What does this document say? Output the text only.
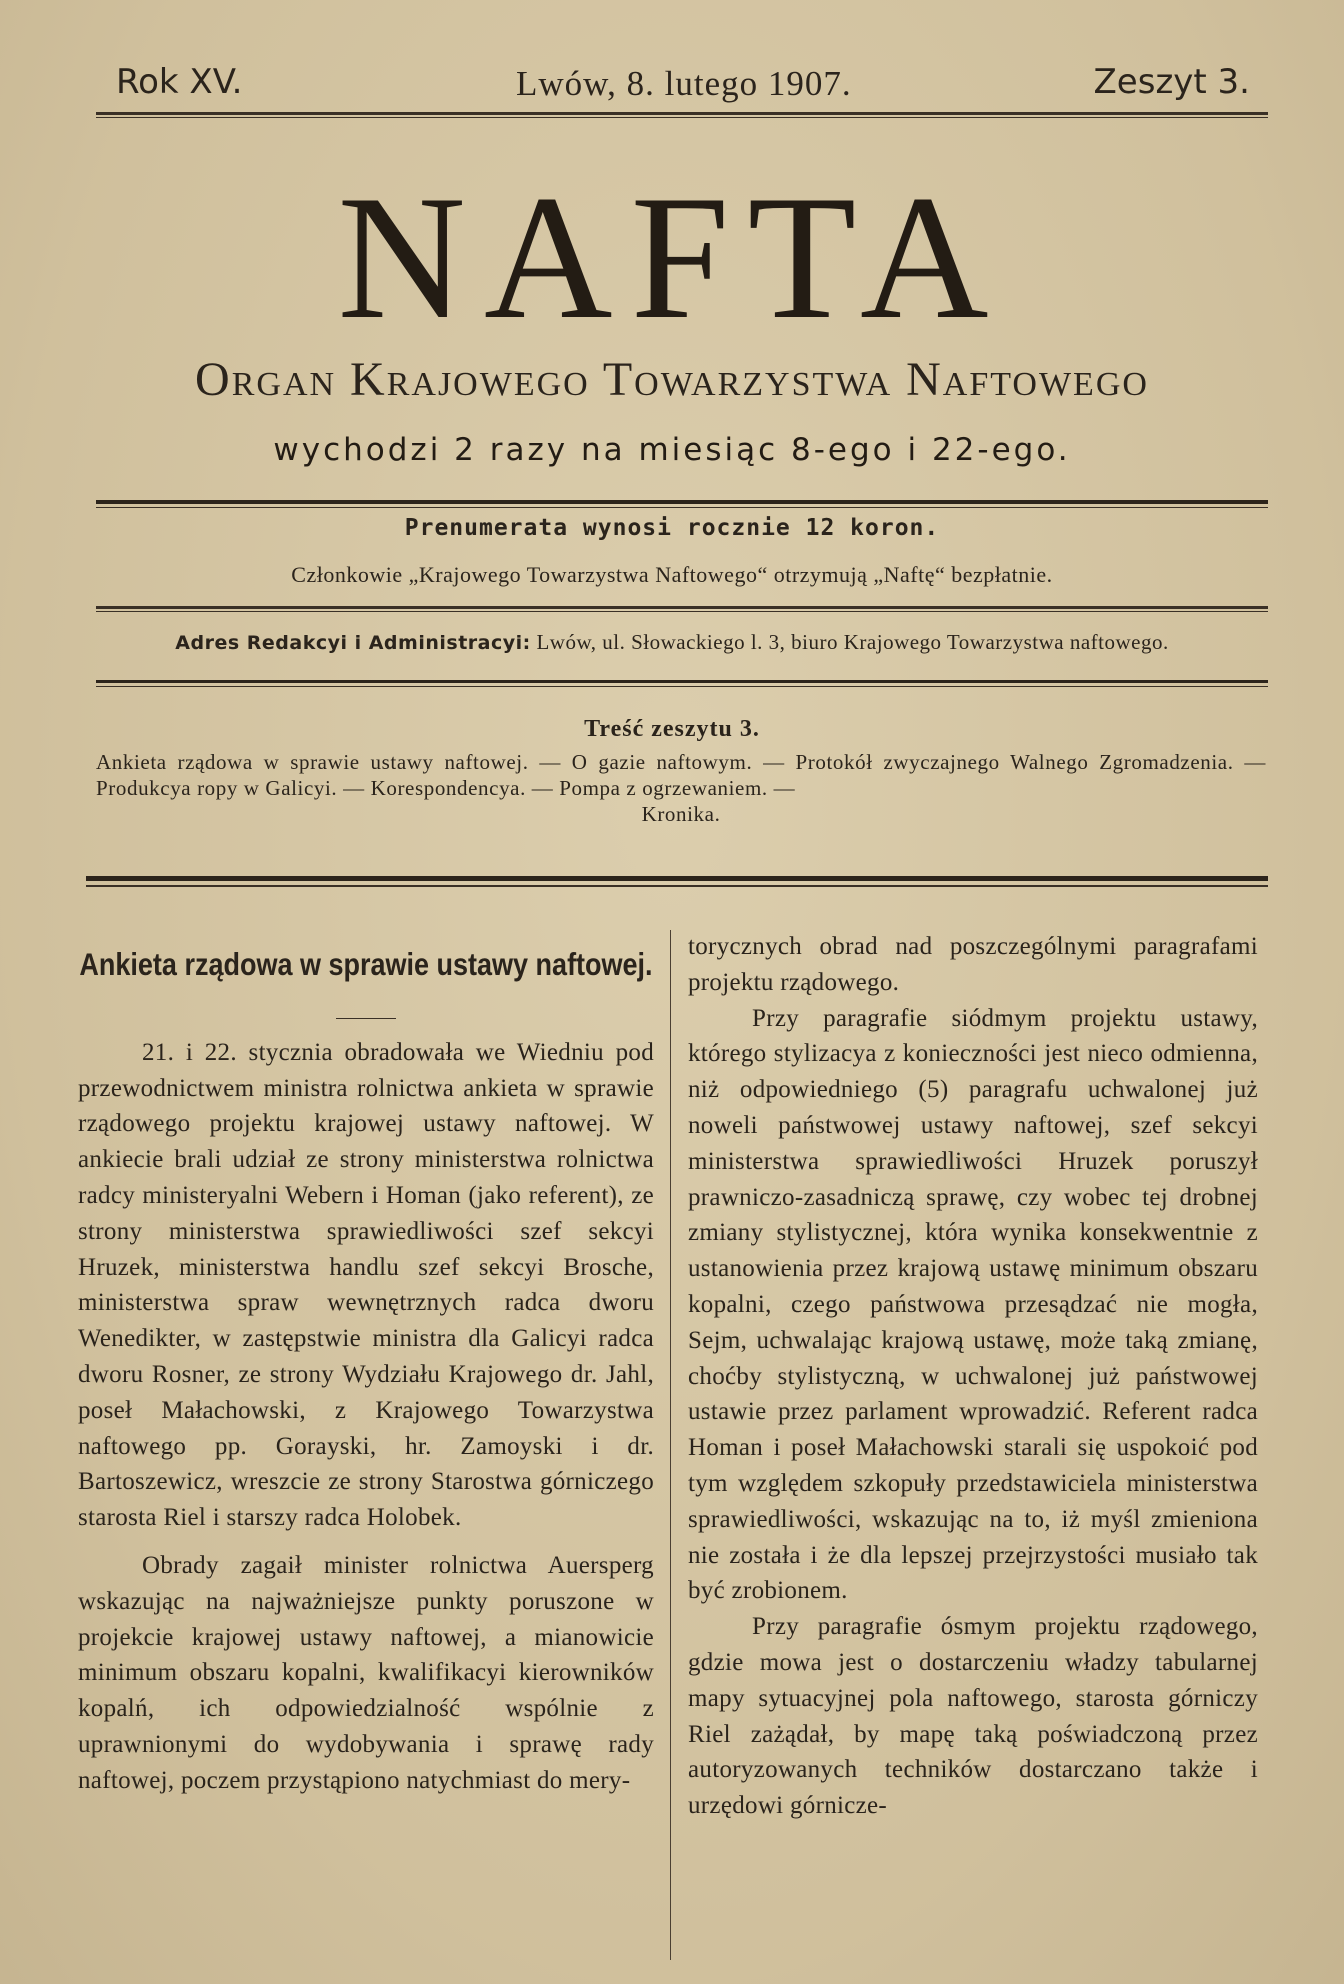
Rok XV.	Lwów, 8. lutego 1907.	Zeszyt 3.
NAFTA
Organ Krajowego Towarzystwa Naftowego
wychodzi 2 razy na miesiąc 8-ego i 22-ego.
Prenumerata wynosi rocznie 12 koron.
Członkowie „Krajowego Towarzystwa Naftowego“ otrzymują „Naftę“ bezpłatnie.
Adres Redakcyi i Administracyi: Lwów, ul. Słowackiego l. 3, biuro Krajowego Towarzystwa naftowego.
Treść zeszytu 3.
Ankieta rządowa w sprawie ustawy naftowej. — O gazie naftowym. — Protokół zwyczajnego Walnego Zgromadzenia. — Produkcya ropy w Galicyi. — Korespondencya. — Pompa z ogrzewaniem. —
Kronika.
Ankieta rządowa w sprawie ustawy naftowej.

21. i 22. stycznia obradowała we Wiedniu pod przewodnictwem ministra rolnictwa ankieta w sprawie rządowego projektu krajowej ustawy naftowej. W ankiecie brali udział ze strony ministerstwa rolnictwa radcy ministeryalni Webern i Homan (jako referent), ze strony ministerstwa sprawiedliwości szef sekcyi Hruzek, ministerstwa handlu szef sekcyi Brosche, ministerstwa spraw wewnętrznych radca dworu Wenedikter, w zastępstwie ministra dla Galicyi radca dworu Rosner, ze strony Wydziału Krajowego dr. Jahl, poseł Małachowski, z Krajowego Towarzystwa naftowego pp. Gorayski, hr. Zamoyski i dr. Bartoszewicz, wreszcie ze strony Starostwa górniczego starosta Riel i starszy radca Holobek.

Obrady zagaił minister rolnictwa Auersperg wskazując na najważniejsze punkty poruszone w projekcie krajowej ustawy naftowej, a mianowicie minimum obszaru kopalni, kwalifikacyi kierowników kopalń, ich odpowiedzialność wspólnie z uprawnionymi do wydobywania i sprawę rady naftowej, poczem przystąpiono natychmiast do mery-

torycznych obrad nad poszczególnymi paragrafami projektu rządowego.

Przy paragrafie siódmym projektu ustawy, którego stylizacya z konieczności jest nieco odmienna, niż odpowiedniego (5) paragrafu uchwalonej już noweli państwowej ustawy naftowej, szef sekcyi ministerstwa sprawiedliwości Hruzek poruszył prawniczo-zasadniczą sprawę, czy wobec tej drobnej zmiany stylistycznej, która wynika konsekwentnie z ustanowienia przez krajową ustawę minimum obszaru kopalni, czego państwowa przesądzać nie mogła, Sejm, uchwalając krajową ustawę, może taką zmianę, choćby stylistyczną, w uchwalonej już państwowej ustawie przez parlament wprowadzić. Referent radca Homan i poseł Małachowski starali się uspokoić pod tym względem szkopuły przedstawiciela ministerstwa sprawiedliwości, wskazując na to, iż myśl zmieniona nie została i że dla lepszej przejrzystości musiało tak być zrobionem.

Przy paragrafie ósmym projektu rządowego, gdzie mowa jest o dostarczeniu władzy tabularnej mapy sytuacyjnej pola naftowego, starosta górniczy Riel zażądał, by mapę taką poświadczoną przez autoryzowanych techników dostarczano także i urzędowi górnicze-
